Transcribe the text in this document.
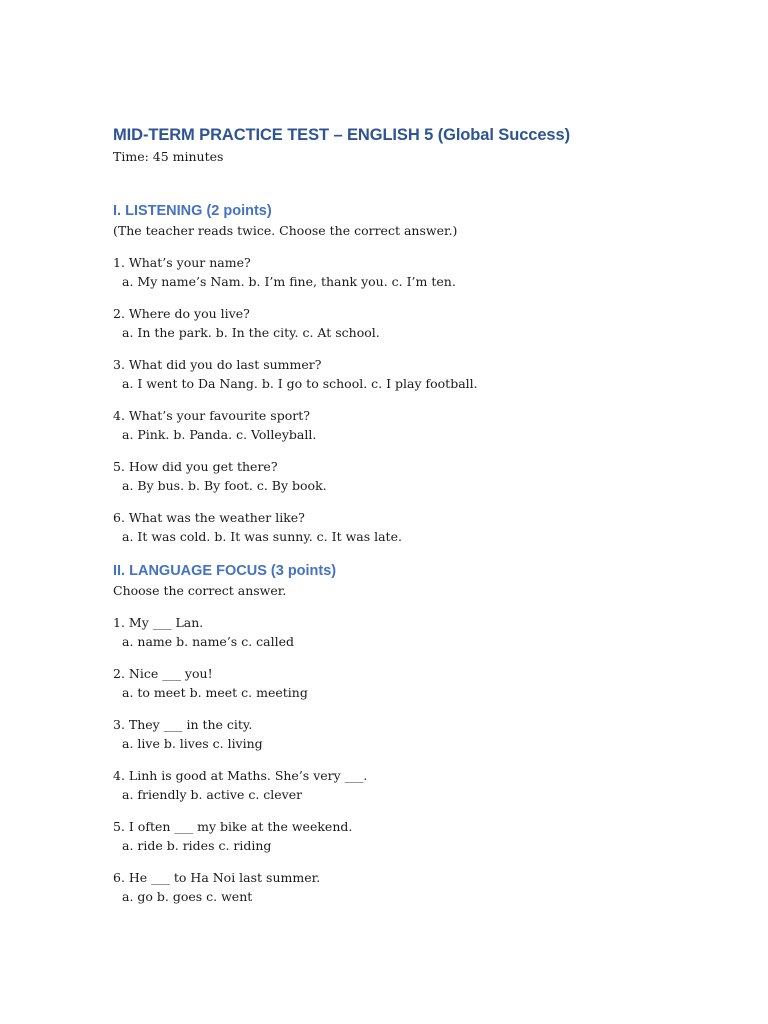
MID-TERM PRACTICE TEST – ENGLISH 5 (Global Success)
Time: 45 minutes
I. LISTENING (2 points)
(The teacher reads twice. Choose the correct answer.)
1. What’s your name?
a. My name’s Nam. b. I’m fine, thank you. c. I’m ten.
2. Where do you live?
a. In the park. b. In the city. c. At school.
3. What did you do last summer?
a. I went to Da Nang. b. I go to school. c. I play football.
4. What’s your favourite sport?
a. Pink. b. Panda. c. Volleyball.
5. How did you get there?
a. By bus. b. By foot. c. By book.
6. What was the weather like?
a. It was cold. b. It was sunny. c. It was late.
II. LANGUAGE FOCUS (3 points)
Choose the correct answer.
1. My ___ Lan.
a. name b. name’s c. called
2. Nice ___ you!
a. to meet b. meet c. meeting
3. They ___ in the city.
a. live b. lives c. living
4. Linh is good at Maths. She’s very ___.
a. friendly b. active c. clever
5. I often ___ my bike at the weekend.
a. ride b. rides c. riding
6. He ___ to Ha Noi last summer.
a. go b. goes c. went
